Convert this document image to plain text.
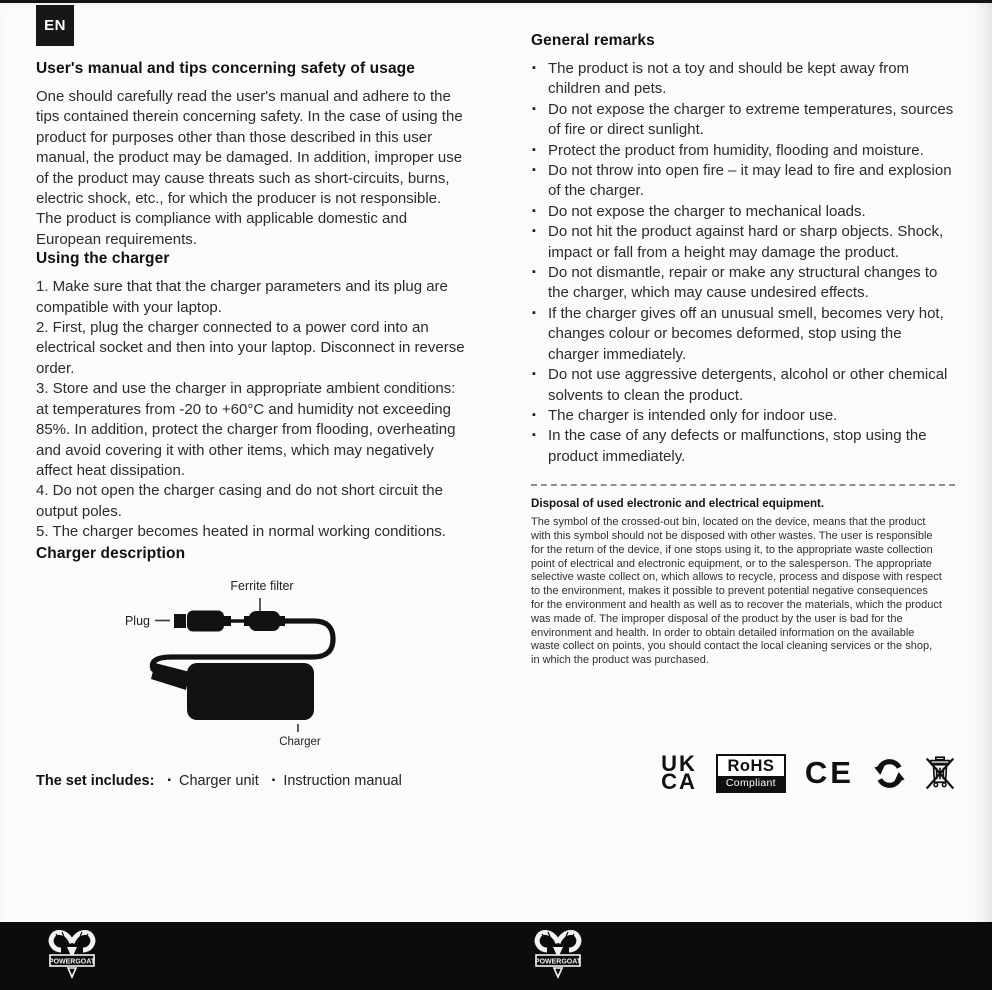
EN
User's manual and tips concerning safety of usage

One should carefully read the user's manual and adhere to the tips contained therein concerning safety. In the case of using the product for purposes other than those described in this user manual, the product may be damaged. In addition, improper use of the product may cause threats such as short-circuits, burns, electric shock, etc., for which the producer is not responsible. The product is compliance with applicable domestic and European requirements.

Using the charger
1. Make sure that that the charger parameters and its plug are compatible with your laptop.
2. First, plug the charger connected to a power cord into an electrical socket and then into your laptop. Disconnect in reverse order.
3. Store and use the charger in appropriate ambient conditions: at temperatures from -20 to +60°C and humidity not exceeding 85%. In addition, protect the charger from flooding, overheating and avoid covering it with other items, which may negatively affect heat dissipation.
4. Do not open the charger casing and do not short circuit the output poles.
5. The charger becomes heated in normal working conditions.
Charger description
Ferrite filter
Plug
Charger
The set includes: ▪ Charger unit ▪ Instruction manual
General remarks
▪ The product is not a toy and should be kept away from children and pets.
▪ Do not expose the charger to extreme temperatures, sources of fire or direct sunlight.
▪ Protect the product from humidity, flooding and moisture.
▪ Do not throw into open fire – it may lead to fire and explosion of the charger.
▪ Do not expose the charger to mechanical loads.
▪ Do not hit the product against hard or sharp objects. Shock, impact or fall from a height may damage the product.
▪ Do not dismantle, repair or make any structural changes to the charger, which may cause undesired effects.
▪ If the charger gives off an unusual smell, becomes very hot, changes colour or becomes deformed, stop using the charger immediately.
▪ Do not use aggressive detergents, alcohol or other chemical solvents to clean the product.
▪ The charger is intended only for indoor use.
▪ In the case of any defects or malfunctions, stop using the product immediately.
Disposal of used electronic and electrical equipment.

The symbol of the crossed-out bin, located on the device, means that the product with this symbol should not be disposed with other wastes. The user is responsible for the return of the device, if one stops using it, to the appropriate waste collection point of electrical and electronic equipment, or to the salesperson. The appropriate selective waste collect on, which allows to recycle, process and dispose with respect to the environment, makes it possible to prevent potential negative consequences for the environment and health as well as to recover the materials, which the product was made of. The improper disposal of the product by the user is bad for the environment and health. In order to obtain detailed information on the available waste collect on points, you should contact the local cleaning services or the shop, in which the product was purchased.

UK
CA
RoHS
Compliant CE
POWERGOAT	POWERGOAT
